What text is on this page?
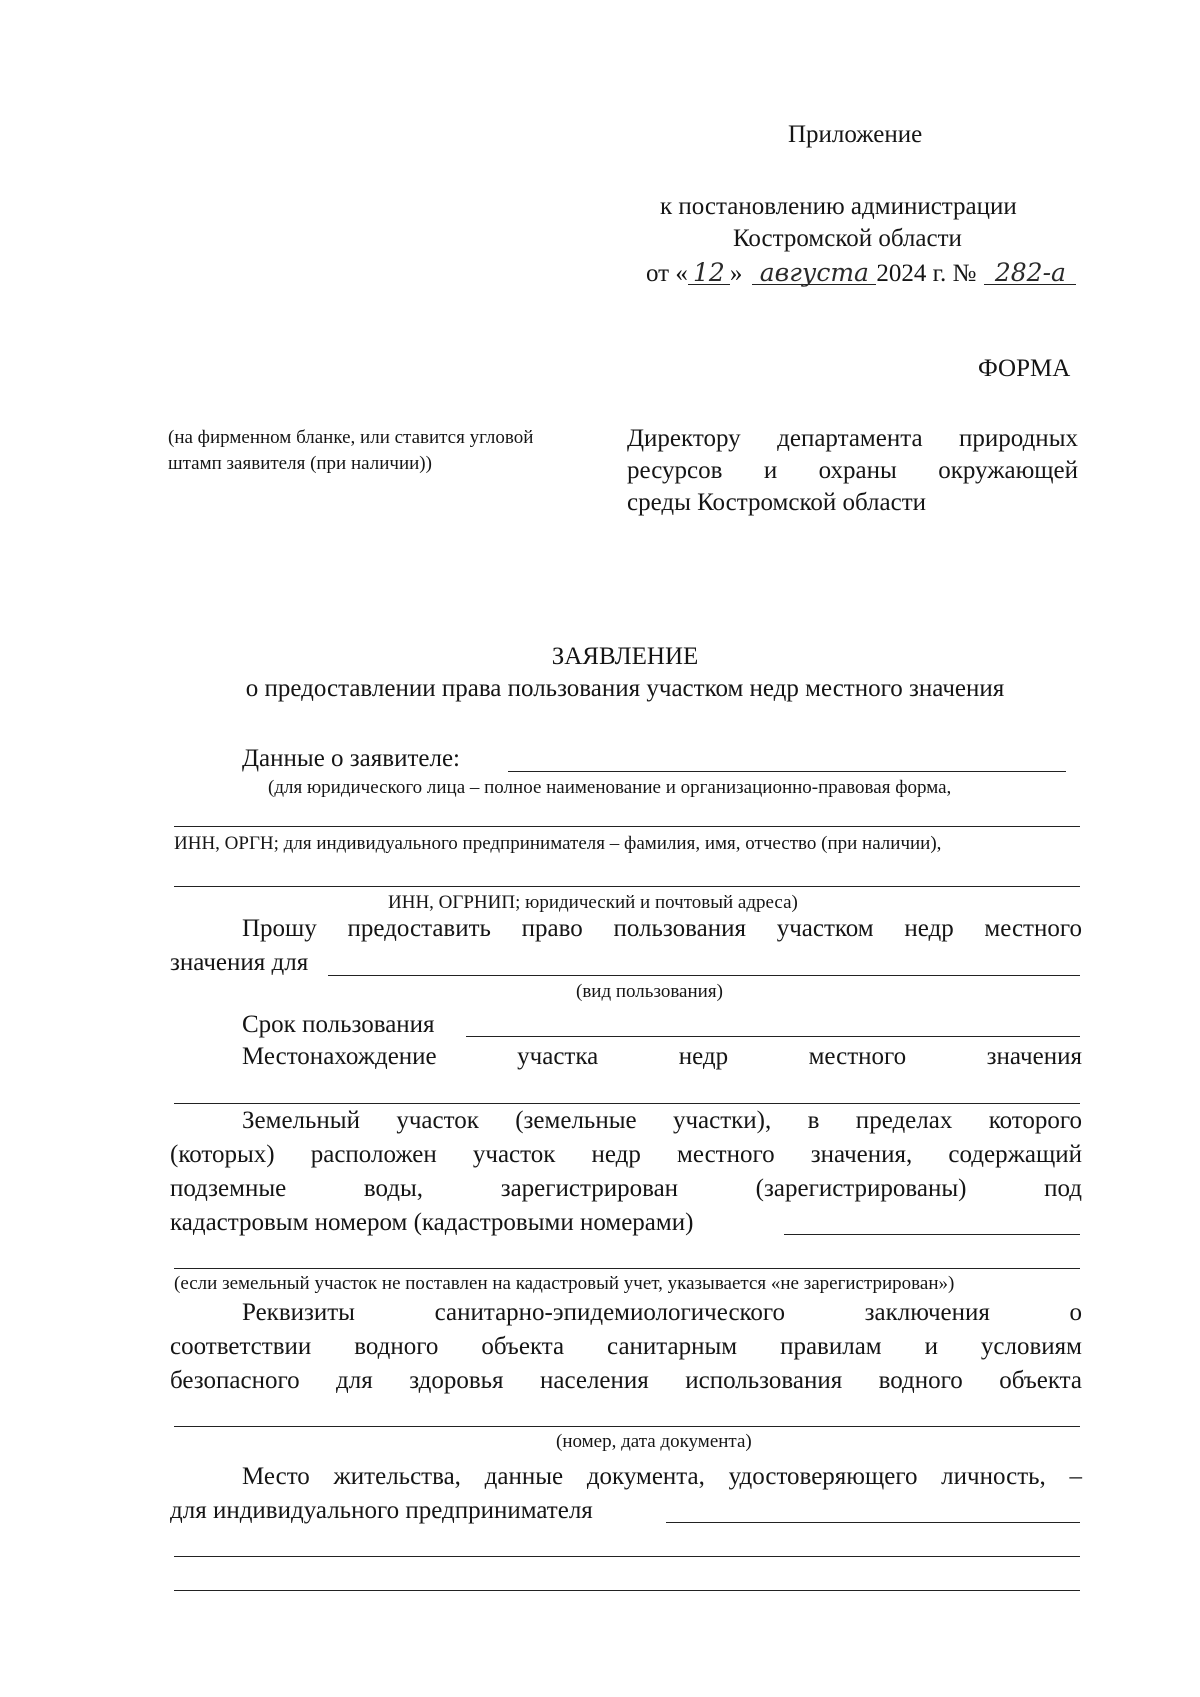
Приложение
к постановлению администрации
Костромской области
от « 12 » августа 2024 г. № 282-а
ФОРМА
(на фирменном бланке, или ставится угловой
штамп заявителя (при наличии))
Директору департамента природных
ресурсов и охраны окружающей
среды Костромской области
ЗАЯВЛЕНИЕ
о предоставлении права пользования участком недр местного значения
Данные о заявителе:
(для юридического лица – полное наименование и организационно-правовая форма,
ИНН, ОРГН; для индивидуального предпринимателя – фамилия, имя, отчество (при наличии),
ИНН, ОГРНИП; юридический и почтовый адреса)
Прошу предоставить право пользования участком недр местного
значения для
(вид пользования)
Срок пользования
Местонахождение	участка	недр	местного	значения
Земельный участок (земельные участки), в пределах которого
(которых) расположен участок недр местного значения, содержащий
подземные воды, зарегистрирован (зарегистрированы) под
кадастровым номером (кадастровыми номерами)
(если земельный участок не поставлен на кадастровый учет, указывается «не зарегистрирован»)
Реквизиты санитарно-эпидемиологического заключения о
соответствии водного объекта санитарным правилам и условиям
безопасного для здоровья населения использования водного объекта
(номер, дата документа)
Место жительства, данные документа, удостоверяющего личность, –
для индивидуального предпринимателя
